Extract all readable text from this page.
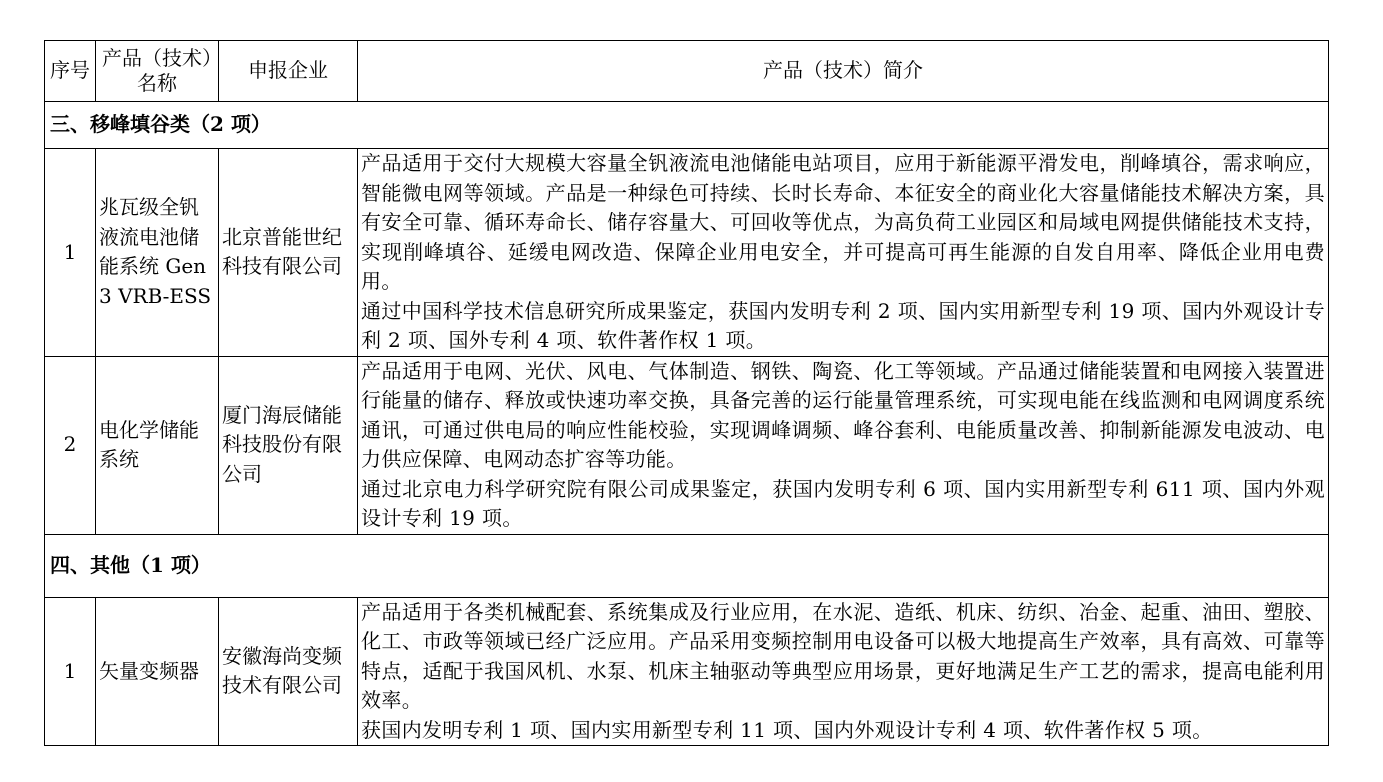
序号	产品（技术）名称	申报企业	产品（技术）简介
三、移峰填谷类（2 项）			
1	兆瓦级全钒液流电池储能系统 Gen 3 VRB-ESS	北京普能世纪科技有限公司	产品适用于交付大规模大容量全钒液流电池储能电站项目，应用于新能源平滑发电，削峰填谷，需求响应，智能微电网等领域。产品是一种绿色可持续、长时长寿命、本征安全的商业化大容量储能技术解决方案，具有安全可靠、循环寿命长、储存容量大、可回收等优点，为高负荷工业园区和局域电网提供储能技术支持，实现削峰填谷、延缓电网改造、保障企业用电安全，并可提高可再生能源的自发自用率、降低企业用电费用。

通过中国科学技术信息研究所成果鉴定，获国内发明专利 2 项、国内实用新型专利 19 项、国内外观设计专利 2 项、国外专利 4 项、软件著作权 1 项。

2	电化学储能系统	厦门海辰储能科技股份有限公司	产品适用于电网、光伏、风电、气体制造、钢铁、陶瓷、化工等领域。产品通过储能装置和电网接入装置进行能量的储存、释放或快速功率交换，具备完善的运行能量管理系统，可实现电能在线监测和电网调度系统通讯，可通过供电局的响应性能校验，实现调峰调频、峰谷套利、电能质量改善、抑制新能源发电波动、电力供应保障、电网动态扩容等功能。

通过北京电力科学研究院有限公司成果鉴定，获国内发明专利 6 项、国内实用新型专利 611 项、国内外观设计专利 19 项。

四、其他（1 项）			
1	矢量变频器	安徽海尚变频技术有限公司	产品适用于各类机械配套、系统集成及行业应用，在水泥、造纸、机床、纺织、冶金、起重、油田、塑胶、化工、市政等领域已经广泛应用。产品采用变频控制用电设备可以极大地提高生产效率，具有高效、可靠等特点，适配于我国风机、水泵、机床主轴驱动等典型应用场景，更好地满足生产工艺的需求，提高电能利用效率。

获国内发明专利 1 项、国内实用新型专利 11 项、国内外观设计专利 4 项、软件著作权 5 项。
